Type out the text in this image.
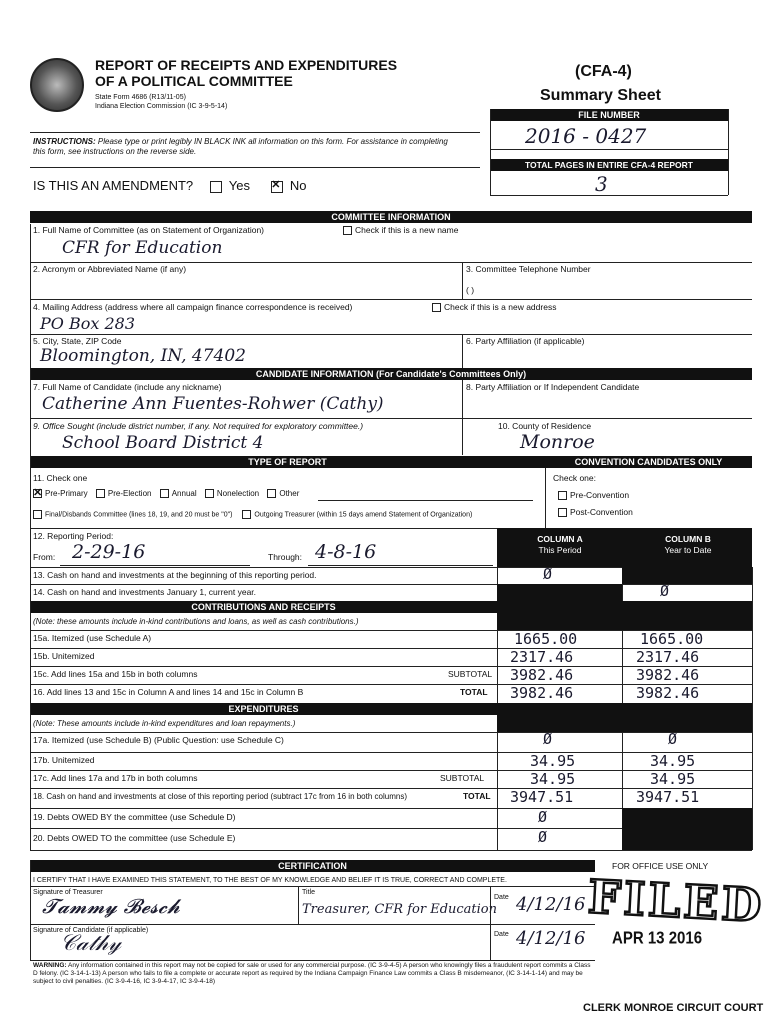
REPORT OF RECEIPTS AND EXPENDITURES
OF A POLITICAL COMMITTEE
State Form 4686 (R13/11-05)
Indiana Election Commission (IC 3-9-5-14)
(CFA-4)
Summary Sheet
FILE NUMBER
2016 - 0427
TOTAL PAGES IN ENTIRE CFA-4 REPORT
3
INSTRUCTIONS: Please type or print legibly IN BLACK INK all information on this form. For assistance in completing this form, see instructions on the reverse side.
IS THIS AN AMENDMENT?	Yes  ✕	No
COMMITTEE INFORMATION
1. Full Name of Committee (as on Statement of Organization)	Check if this is a new name
CFR for Education
2. Acronym or Abbreviated Name (if any)	3. Committee Telephone Number
( )
4. Mailing Address (address where all campaign finance correspondence is received)	Check if this is a new address
PO Box 283
5. City, State, ZIP Code
Bloomington, IN, 47402
6. Party Affiliation (if applicable)
CANDIDATE INFORMATION (For Candidate's Committees Only)
7. Full Name of Candidate (include any nickname)
Catherine Ann Fuentes-Rohwer (Cathy)
8. Party Affiliation or If Independent Candidate
9. Office Sought (include district number, if any. Not required for exploratory committee.)
School Board District 4
10. County of Residence
Monroe
TYPE OF REPORT	CONVENTION CANDIDATES ONLY
11. Check one
✕Pre-Primary	Pre-Election	Annual	Nonelection	Other
Final/Disbands Committee (lines 18, 19, and 20 must be "0")	Outgoing Treasurer (within 15 days amend Statement of Organization)
Check one:
Pre-Convention
Post-Convention
12. Reporting Period:
From: 2-29-16	Through: 4-8-16
COLUMN A
This Period
COLUMN B
Year to Date
13. Cash on hand and investments at the beginning of this reporting period.	Ø
14. Cash on hand and investments January 1, current year.	Ø
CONTRIBUTIONS AND RECEIPTS
(Note: these amounts include in-kind contributions and loans, as well as cash contributions.)
15a. Itemized (use Schedule A)	1665.00	1665.00
15b. Unitemized	2317.46	2317.46
15c. Add lines 15a and 15b in both columns	SUBTOTAL 3982.46	3982.46
16. Add lines 13 and 15c in Column A and lines 14 and 15c in Column B	TOTAL 3982.46	3982.46
EXPENDITURES
(Note: These amounts include in-kind expenditures and loan repayments.)
17a. Itemized (use Schedule B) (Public Question: use Schedule C)	Ø	Ø
17b. Unitemized	34.95	34.95
17c. Add lines 17a and 17b in both columns	SUBTOTAL	34.95	34.95
18. Cash on hand and investments at close of this reporting period (subtract 17c from 16 in both columns)	TOTAL 3947.51	3947.51
19. Debts OWED BY the committee (use Schedule D)	Ø
20. Debts OWED TO the committee (use Schedule E)	Ø
CERTIFICATION	FOR OFFICE USE ONLY
I CERTIFY THAT I HAVE EXAMINED THIS STATEMENT, TO THE BEST OF MY KNOWLEDGE AND BELIEF IT IS TRUE, CORRECT AND COMPLETE.
Signature of Treasurer
𝓣𝓪𝓶𝓶𝔂 𝓑𝓮𝓼𝓬𝓱
Title
Treasurer, CFR for Education
Date 4/12/16
Signature of Candidate (if applicable)
𝒞𝒶𝓉𝒽𝓎	Date 4/12/16
WARNING: Any information contained in this report may not be copied for sale or used for any commercial purpose. (IC 3-9-4-5) A person who knowingly files a fraudulent report commits a Class D felony. (IC 3-14-1-13) A person who fails to file a complete or accurate report as required by the Indiana Campaign Finance Law commits a Class B misdemeanor, (IC 3-14-1-14) and may be subject to civil penalties. (IC 3-9-4-16, IC 3-9-4-17, IC 3-9-4-18)
FILED
APR 13 2016
CLERK MONROE CIRCUIT COURT
